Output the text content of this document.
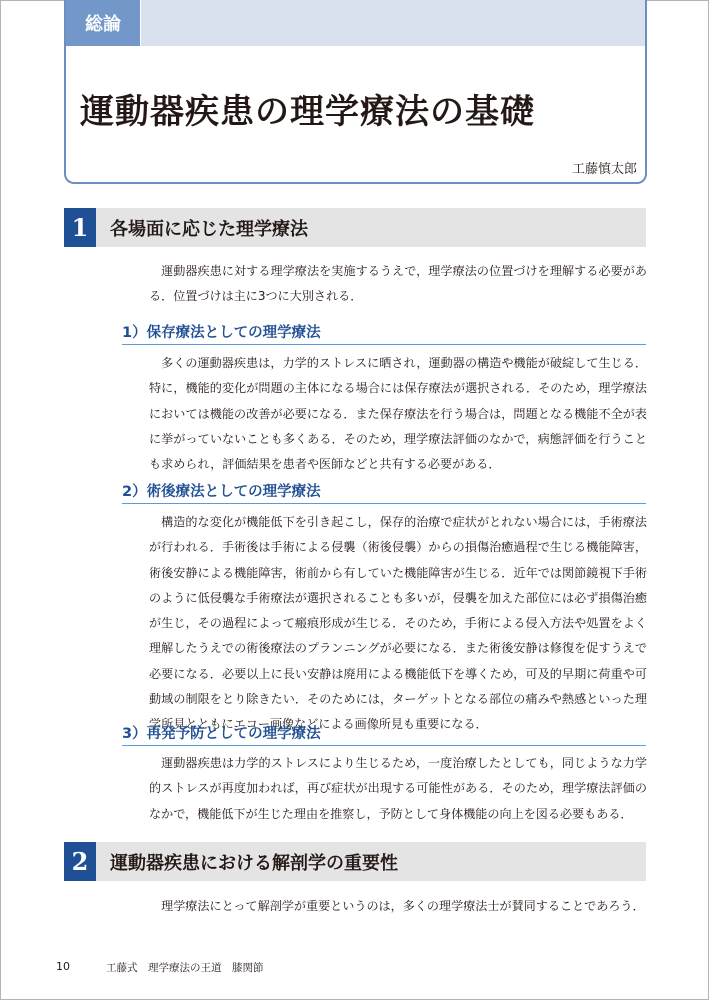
総論
運動器疾患の理学療法の基礎
工藤慎太郎
1	各場面に応じた理学療法

運動器疾患に対する理学療法を実施するうえで，理学療法の位置づけを理解する必要がある．位置づけは主に3つに大別される．

1）保存療法としての理学療法

多くの運動器疾患は，力学的ストレスに晒され，運動器の構造や機能が破綻して生じる．特に，機能的変化が問題の主体になる場合には保存療法が選択される．そのため，理学療法においては機能の改善が必要になる．また保存療法を行う場合は，問題となる機能不全が表に挙がっていないことも多くある．そのため，理学療法評価のなかで，病態評価を行うことも求められ，評価結果を患者や医師などと共有する必要がある．

2）術後療法としての理学療法

構造的な変化が機能低下を引き起こし，保存的治療で症状がとれない場合には，手術療法が行われる．手術後は手術による侵襲（術後侵襲）からの損傷治癒過程で生じる機能障害，術後安静による機能障害，術前から有していた機能障害が生じる．近年では関節鏡視下手術のように低侵襲な手術療法が選択されることも多いが，侵襲を加えた部位には必ず損傷治癒が生じ，その過程によって瘢痕形成が生じる．そのため，手術による侵入方法や処置をよく理解したうえでの術後療法のプランニングが必要になる．また術後安静は修復を促すうえで必要になる．必要以上に長い安静は廃用による機能低下を導くため，可及的早期に荷重や可動域の制限をとり除きたい．そのためには，ターゲットとなる部位の痛みや熱感といった理学所見とともにエコー画像などによる画像所見も重要になる．

3）再発予防としての理学療法

運動器疾患は力学的ストレスにより生じるため，一度治療したとしても，同じような力学的ストレスが再度加われば，再び症状が出現する可能性がある．そのため，理学療法評価のなかで，機能低下が生じた理由を推察し，予防として身体機能の向上を図る必要もある．

2	運動器疾患における解剖学の重要性

理学療法にとって解剖学が重要というのは，多くの理学療法士が賛同することであろう．

10	工藤式　理学療法の王道　膝関節
